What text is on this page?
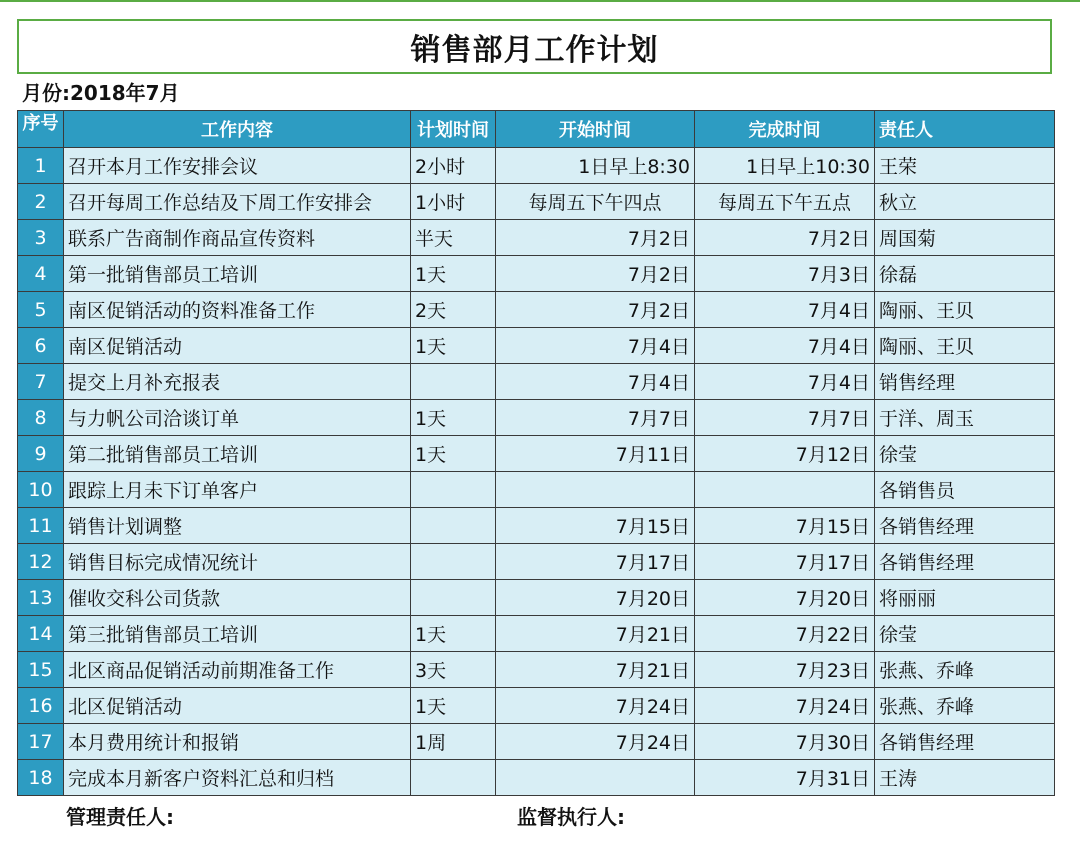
销售部月工作计划
月份:2018年7月
序号	工作内容	计划时间	开始时间	完成时间	责任人
1	召开本月工作安排会议	2小时	1日早上8:30	1日早上10:30	王荣
2	召开每周工作总结及下周工作安排会	1小时	每周五下午四点	每周五下午五点	秋立
3	联系广告商制作商品宣传资料	半天	7月2日	7月2日	周国菊
4	第一批销售部员工培训	1天	7月2日	7月3日	徐磊
5	南区促销活动的资料准备工作	2天	7月2日	7月4日	陶丽、王贝
6	南区促销活动	1天	7月4日	7月4日	陶丽、王贝
7	提交上月补充报表		7月4日	7月4日	销售经理
8	与力帆公司洽谈订单	1天	7月7日	7月7日	于洋、周玉
9	第二批销售部员工培训	1天	7月11日	7月12日	徐莹
10	跟踪上月未下订单客户				各销售员
11	销售计划调整		7月15日	7月15日	各销售经理
12	销售目标完成情况统计		7月17日	7月17日	各销售经理
13	催收交科公司货款		7月20日	7月20日	将丽丽
14	第三批销售部员工培训	1天	7月21日	7月22日	徐莹
15	北区商品促销活动前期准备工作	3天	7月21日	7月23日	张燕、乔峰
16	北区促销活动	1天	7月24日	7月24日	张燕、乔峰
17	本月费用统计和报销	1周	7月24日	7月30日	各销售经理
18	完成本月新客户资料汇总和归档			7月31日	王涛
管理责任人:	监督执行人:
